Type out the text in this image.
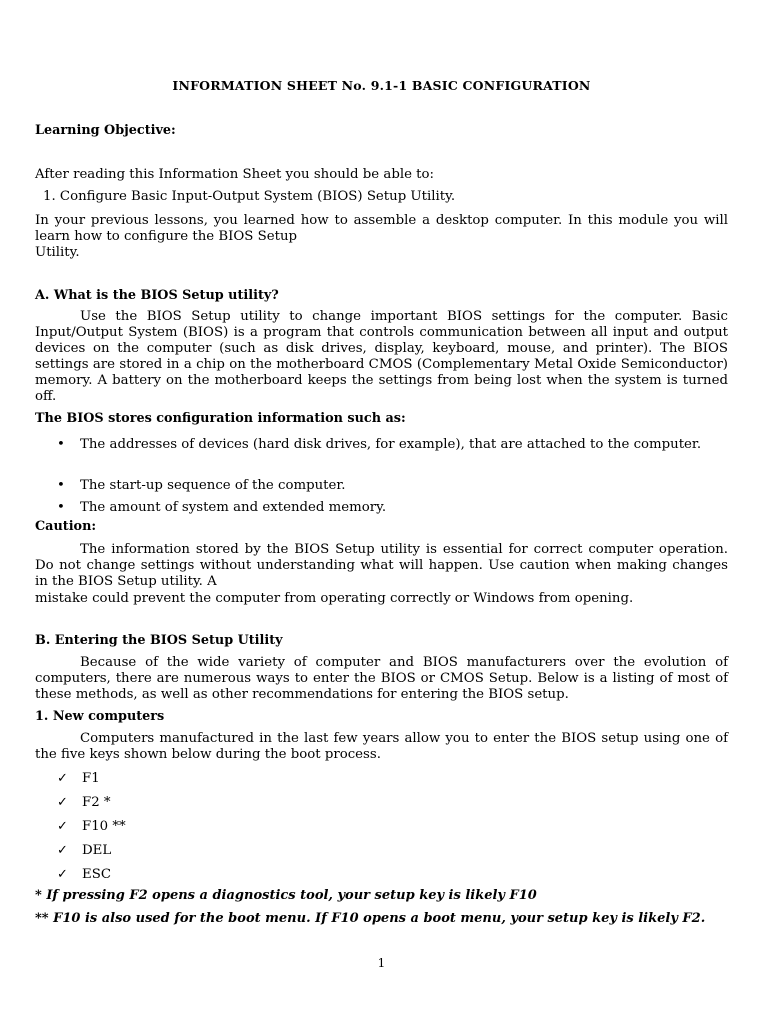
INFORMATION SHEET No. 9.1-1 BASIC CONFIGURATION
Learning Objective:
After reading this Information Sheet you should be able to:
1. Configure Basic Input-Output System (BIOS) Setup Utility.
In your previous lessons, you learned how to assemble a desktop computer. In this module you will learn how to configure the BIOS Setup
Utility.
A. What is the BIOS Setup utility?
Use the BIOS Setup utility to change important BIOS settings for the computer. Basic Input/Output System (BIOS) is a program that controls communication between all input and output devices on the computer (such as disk drives, display, keyboard, mouse, and printer). The BIOS settings are stored in a chip on the motherboard CMOS (Complementary Metal Oxide Semiconductor) memory. A battery on the motherboard keeps the settings from being lost when the system is turned off.
The BIOS stores configuration information such as:
• The addresses of devices (hard disk drives, for example), that are attached to the computer.
• The start-up sequence of the computer.
• The amount of system and extended memory.
Caution:
The information stored by the BIOS Setup utility is essential for correct computer operation. Do not change settings without understanding what will happen. Use caution when making changes in the BIOS Setup utility. A
mistake could prevent the computer from operating correctly or Windows from opening.
B. Entering the BIOS Setup Utility
Because of the wide variety of computer and BIOS manufacturers over the evolution of computers, there are numerous ways to enter the BIOS or CMOS Setup. Below is a listing of most of these methods, as well as other recommendations for entering the BIOS setup.
1. New computers
Computers manufactured in the last few years allow you to enter the BIOS setup using one of the five keys shown below during the boot process.
✓ F1
✓ F2 *
✓ F10 **
✓ DEL
✓ ESC
* If pressing F2 opens a diagnostics tool, your setup key is likely F10
** F10 is also used for the boot menu. If F10 opens a boot menu, your setup key is likely F2.
1
